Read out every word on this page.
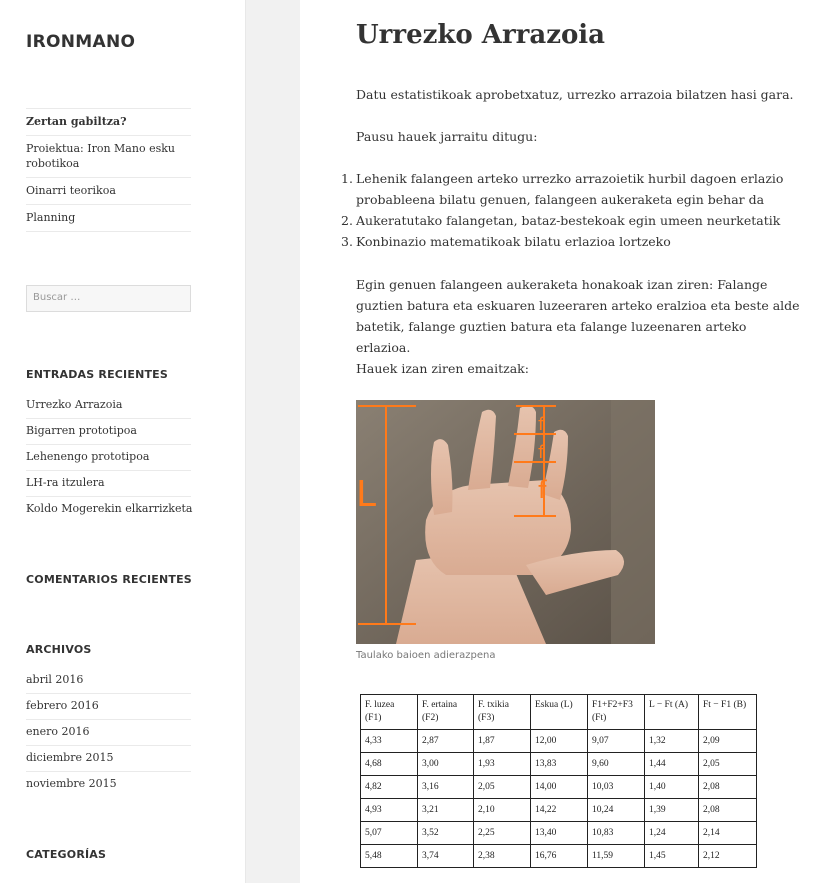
IRONMANO
Zertan gabiltza?
Proiektua: Iron Mano esku robotikoa
Oinarri teorikoa
Planning
Buscar …
ENTRADAS RECIENTES
Urrezko Arrazoia
Bigarren prototipoa
Lehenengo prototipoa
LH-ra itzulera
Koldo Mogerekin elkarrizketa
COMENTARIOS RECIENTES
ARCHIVOS
abril 2016
febrero 2016
enero 2016
diciembre 2015
noviembre 2015
CATEGORÍAS
Urrezko Arrazoia
Datu estatistikoak aprobetxatuz, urrezko arrazoia bilatzen hasi gara.
Pausu hauek jarraitu ditugu:
1. Lehenik falangeen arteko urrezko arrazoietik hurbil dagoen erlazio probableena bilatu genuen, falangeen aukeraketa egin behar da
2. Aukeratutako falangetan, bataz-bestekoak egin umeen neurketatik
3. Konbinazio matematikoak bilatu erlazioa lortzeko
Egin genuen falangeen aukeraketa honakoak izan ziren: Falange guztien batura eta eskuaren luzeeraren arteko eralzioa eta beste alde batetik, falange guztien batura eta falange luzeenaren arteko erlazioa.
Hauek izan ziren emaitzak:
L
f
f
f
Taulako baioen adierazpena
F. luzea (F1)	F. ertaina (F2)	F. txikia (F3)	Eskua (L)	F1+F2+F3 (Ft)	L − Ft (A)	Ft − F1 (B)
4,33	2,87	1,87	12,00	9,07	1,32	2,09
4,68	3,00	1,93	13,83	9,60	1,44	2,05
4,82	3,16	2,05	14,00	10,03	1,40	2,08
4,93	3,21	2,10	14,22	10,24	1,39	2,08
5,07	3,52	2,25	13,40	10,83	1,24	2,14
5,48	3,74	2,38	16,76	11,59	1,45	2,12
